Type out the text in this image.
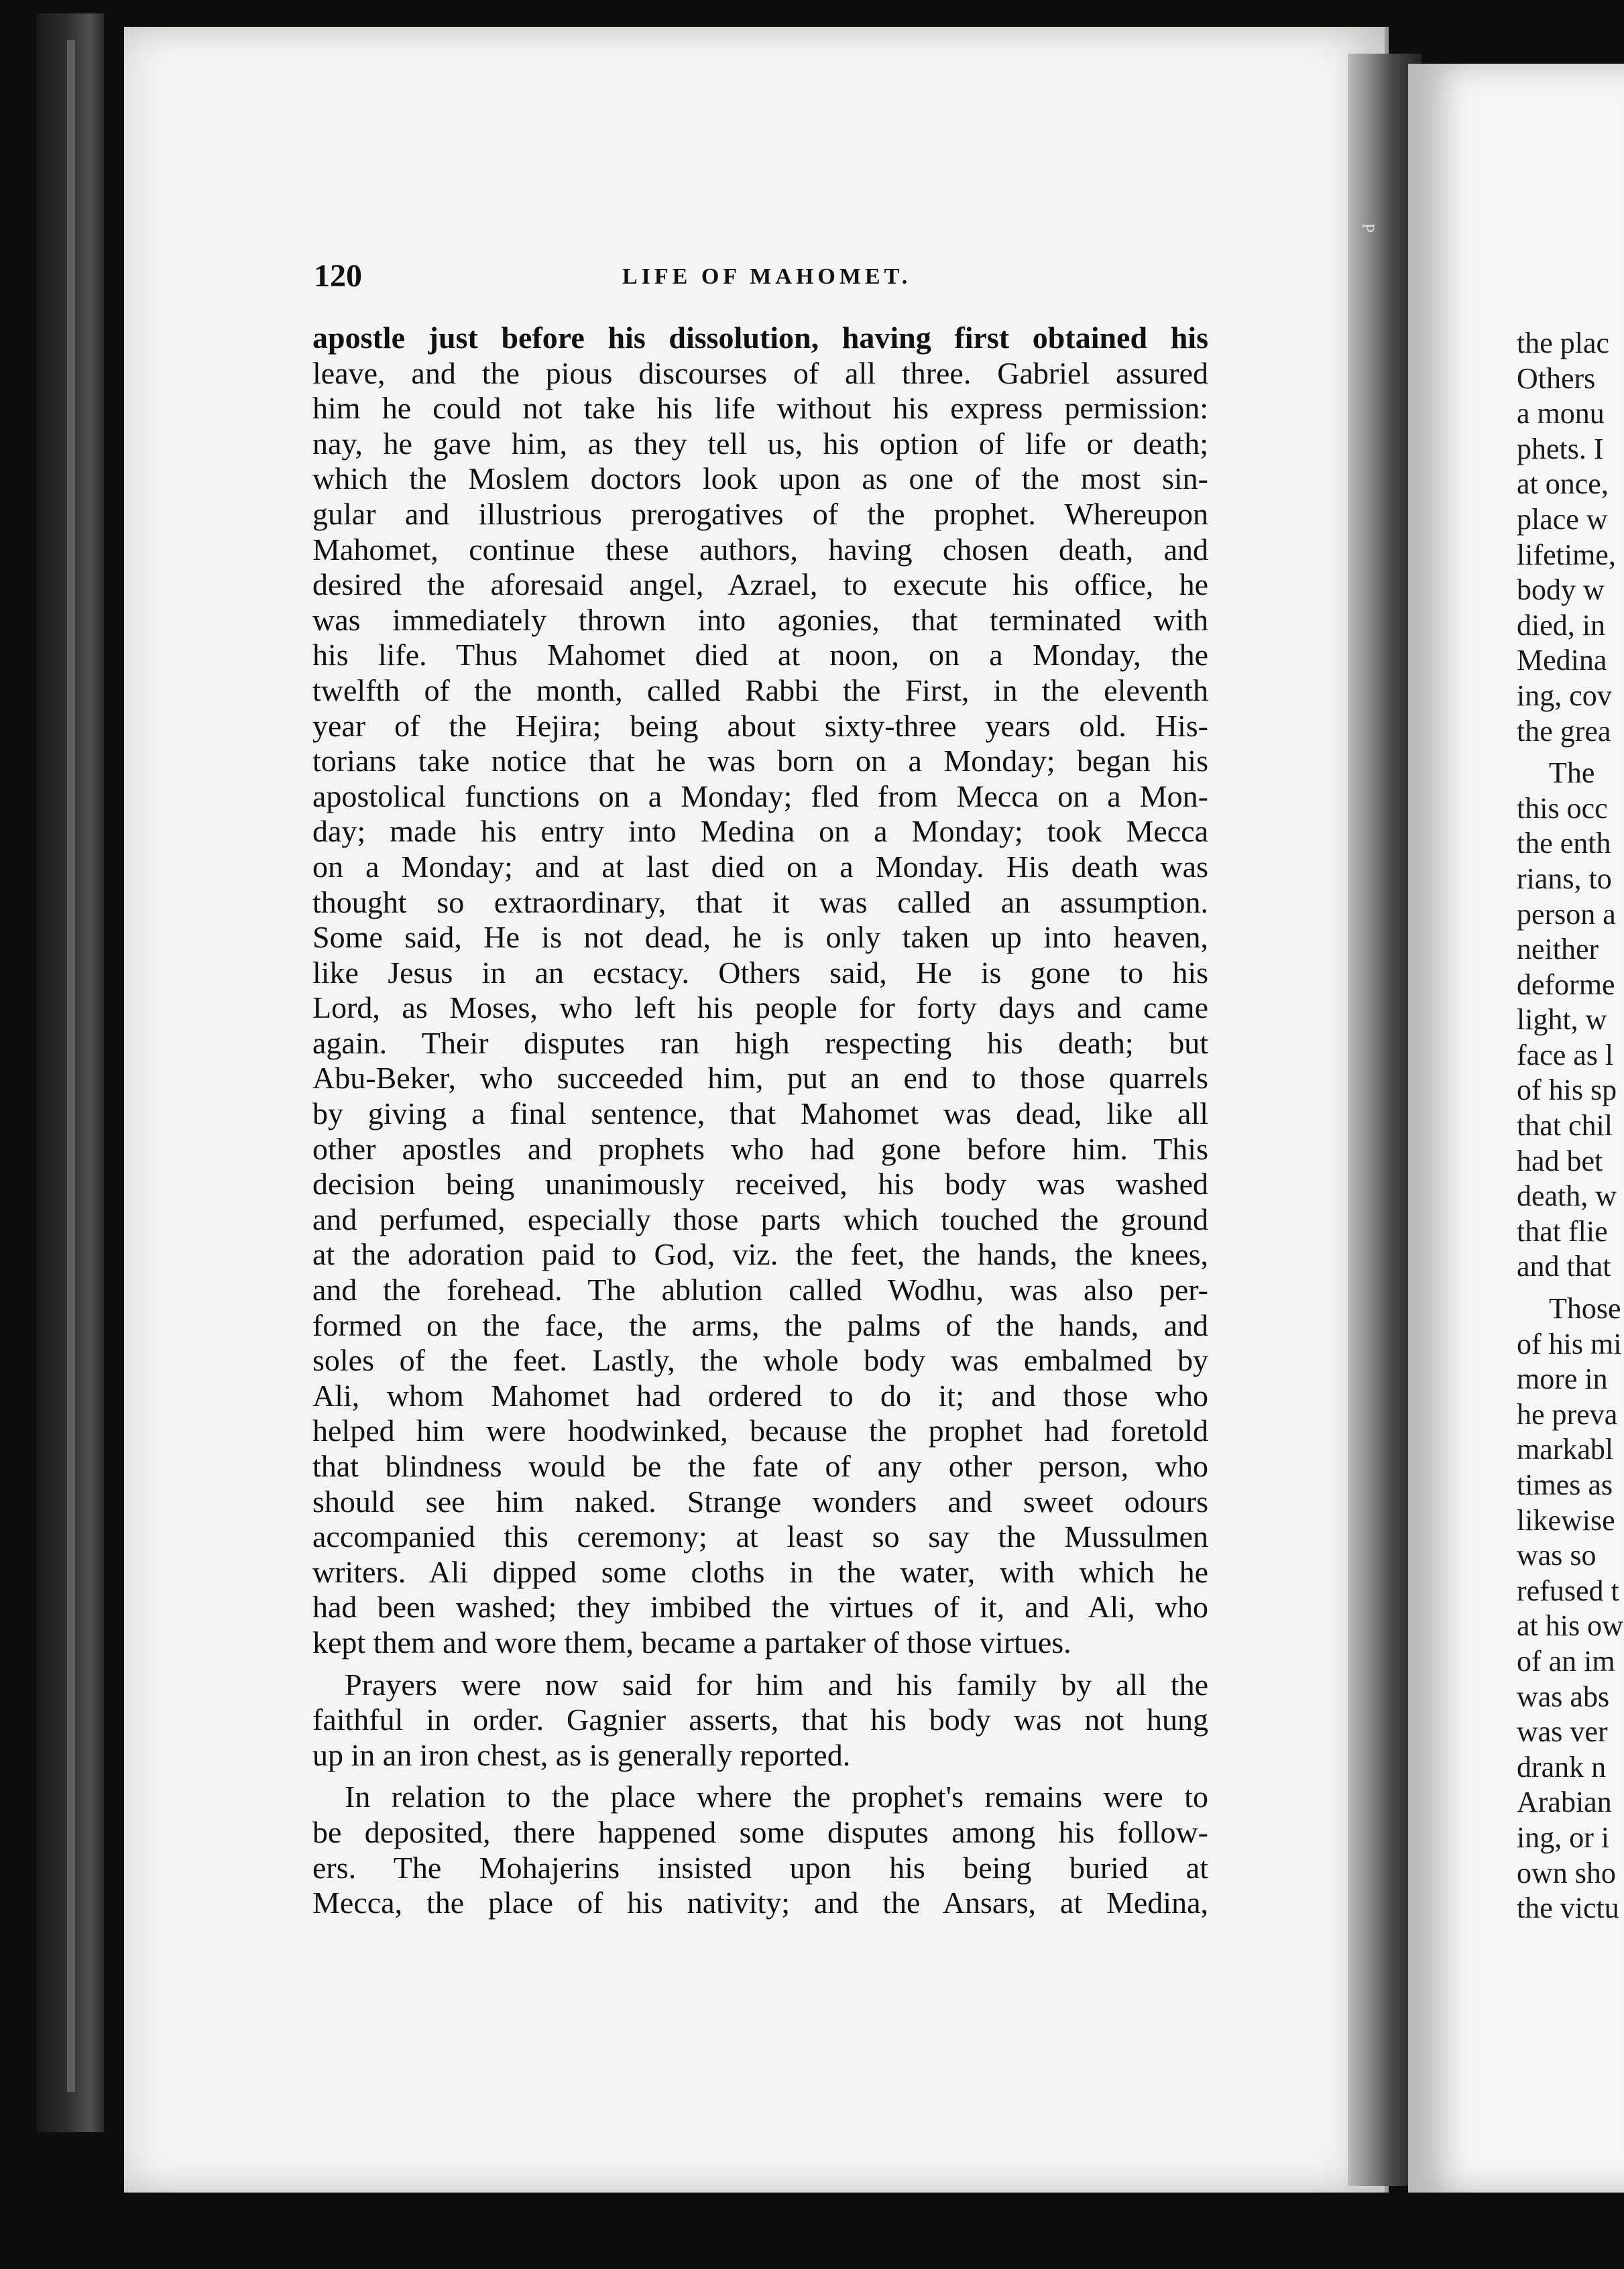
P
120	LIFE OF MAHOMET.
apostle just before his dissolution, having first obtained his
leave, and the pious discourses of all three. Gabriel assured
him he could not take his life without his express permission:
nay, he gave him, as they tell us, his option of life or death;
which the Moslem doctors look upon as one of the most sin-
gular and illustrious prerogatives of the prophet. Whereupon
Mahomet, continue these authors, having chosen death, and
desired the aforesaid angel, Azrael, to execute his office, he
was immediately thrown into agonies, that terminated with
his life. Thus Mahomet died at noon, on a Monday, the
twelfth of the month, called Rabbi the First, in the eleventh
year of the Hejira; being about sixty-three years old. His-
torians take notice that he was born on a Monday; began his
apostolical functions on a Monday; fled from Mecca on a Mon-
day; made his entry into Medina on a Monday; took Mecca
on a Monday; and at last died on a Monday. His death was
thought so extraordinary, that it was called an assumption.
Some said, He is not dead, he is only taken up into heaven,
like Jesus in an ecstacy. Others said, He is gone to his
Lord, as Moses, who left his people for forty days and came
again. Their disputes ran high respecting his death; but
Abu-Beker, who succeeded him, put an end to those quarrels
by giving a final sentence, that Mahomet was dead, like all
other apostles and prophets who had gone before him. This
decision being unanimously received, his body was washed
and perfumed, especially those parts which touched the ground
at the adoration paid to God, viz. the feet, the hands, the knees,
and the forehead. The ablution called Wodhu, was also per-
formed on the face, the arms, the palms of the hands, and
soles of the feet. Lastly, the whole body was embalmed by
Ali, whom Mahomet had ordered to do it; and those who
helped him were hoodwinked, because the prophet had foretold
that blindness would be the fate of any other person, who
should see him naked. Strange wonders and sweet odours
accompanied this ceremony; at least so say the Mussulmen
writers. Ali dipped some cloths in the water, with which he
had been washed; they imbibed the virtues of it, and Ali, who
kept them and wore them, became a partaker of those virtues.
Prayers were now said for him and his family by all the
faithful in order. Gagnier asserts, that his body was not hung
up in an iron chest, as is generally reported.
In relation to the place where the prophet's remains were to
be deposited, there happened some disputes among his follow-
ers. The Mohajerins insisted upon his being buried at
Mecca, the place of his nativity; and the Ansars, at Medina,
the plac
Others
a monu
phets. I
at once,
place w
lifetime,
body w
died, in
Medina
ing, cov
the grea
The
this occ
the enth
rians, to
person a
neither
deforme
light, w
face as l
of his sp
that chil
had bet
death, w
that flie
and that
Those
of his mi
more in
he preva
markabl
times as
likewise
was so
refused t
at his ow
of an im
was abs
was ver
drank n
Arabian
ing, or i
own sho
the victu
